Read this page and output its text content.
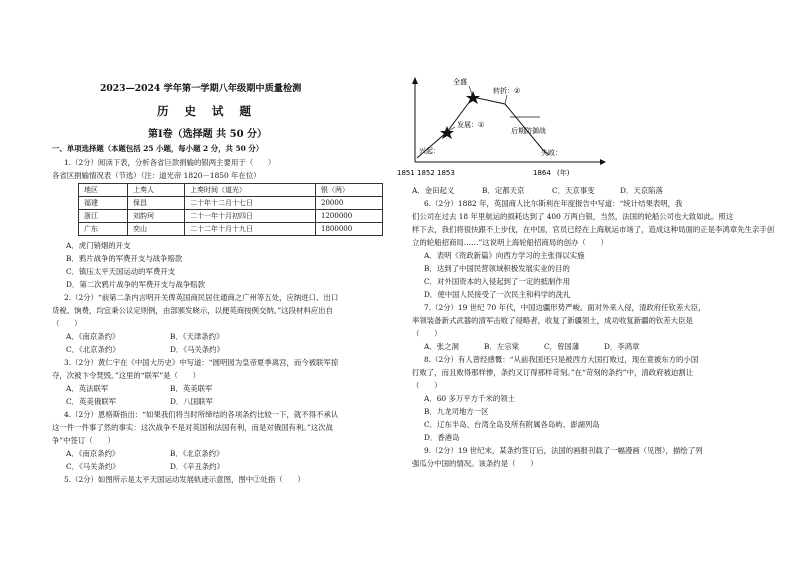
2023—2024 学年第一学期八年级期中质量检测
历 史 试 题
第Ⅰ卷（选择题 共 50 分）
一、单项选择题（本题包括 25 小题，每小题 2 分，共 50 分）
1.（2分）阅读下表，分析各省巨款捐输的银两主要用于（　　）
各省区捐输情况表（节选）（注：道光帝 1820－1850 年在位）
地区	上奏人	上奏时间（道光）	银（两）
福建	保昌	二十年十二月十七日	20000
浙江	刘韵珂	二十一年十月初四日	1200000
广东	奕山	二十二年十月十九日	1800000
A．虎门销烟的开支
B．鸦片战争的军费开支与战争赔款
C．镇压太平天国运动的军费开支
D．第二次鸦片战争的军费开支与战争赔款
2.（2分）“前第二条内言明开关俾英国商民居住通商之广州等五处，应纳进口、出口
货税、饷费，均宜秉公议定则例，由部颁发晓示，以便英商按例交纳。”这段材料应出自
（　　）
A．《南京条约》	B．《天津条约》
C．《北京条约》	D．《马关条约》
3.（2分）黄仁宇在《中国大历史》中写道：“圆明园为皇帝夏季离宫，而今被联军掠
夺，次被卞令焚毁。”这里的“联军”是（　　）
A．英法联军	B．英美联军
C．英美俄联军	D．八国联军
4.（2分）恩格斯指出：“如果我们将当时所缔结的各项条约比较一下，就不得不承认
这一件一件事了然的事实：这次战争不是对英国和法国有利，而是对俄国有利。”这次战
争”中签订（　　）
A．《南京条约》	B．《北京条约》
C．《马关条约》	D．《辛丑条约》
5.（2分）如图所示是太平天国运动发展轨迹示意图，图中②处指（　　）
全盛
转折：②
发展：①
后期防御战
兴起：	失败：
1851 1852 1853	1864 (年)
A．金田起义	B．定都天京	C．天京事变	D．天京陷落
6.（2分）1882 年，英国商人比尔斯利在年度报告中写道：“统计结果表明，我
们公司在过去 18 年里航运的损耗达到了 400 万两白银，当然，法国的轮船公司也大致如此。照这
样下去，我们将很快跟不上步伐，在中国，官员已经在上海航运市场了，造成这种局面的正是李鸿章先生亲手创
立的轮船招商局……”这说明上海轮船招商局的创办（　　）
A．表明《资政新篇》向西方学习的主张得以实施
B．达到了中国民营领域积极发展实业的目的
C．对外国资本的入侵起到了一定的抵制作用
D．使中国人民接受了一次民主和科学的洗礼
7.（2分）19 世纪 70 年代，中国边疆形势严峻。面对外来入侵，清政府任钦差大臣，
率领装备新式武器的清军击败了侵略者，收复了新疆领土，成功收复新疆的钦差大臣是
（　　）
A．张之洞	B．左宗棠	C．曾国藩	D．李鸿章
8.（2分）有人曾经感慨：“从前我国还只是被西方大国打败过，现在竟被东方的小国
打败了，而且败得那样惨，条约又订得那样苛刻。”在“苛刻的条约”中，清政府被迫割让
（　　）
A．60 多万平方千米的领土
B．九龙司地方一区
C．辽东半岛、台湾全岛及所有附属各岛屿、澎湖列岛
D．香港岛
9.（2分）19 世纪末，某条约签订后，法国的画报刊载了一幅漫画（见图），描绘了列
强瓜分中国的情况。该条约是（　　）
